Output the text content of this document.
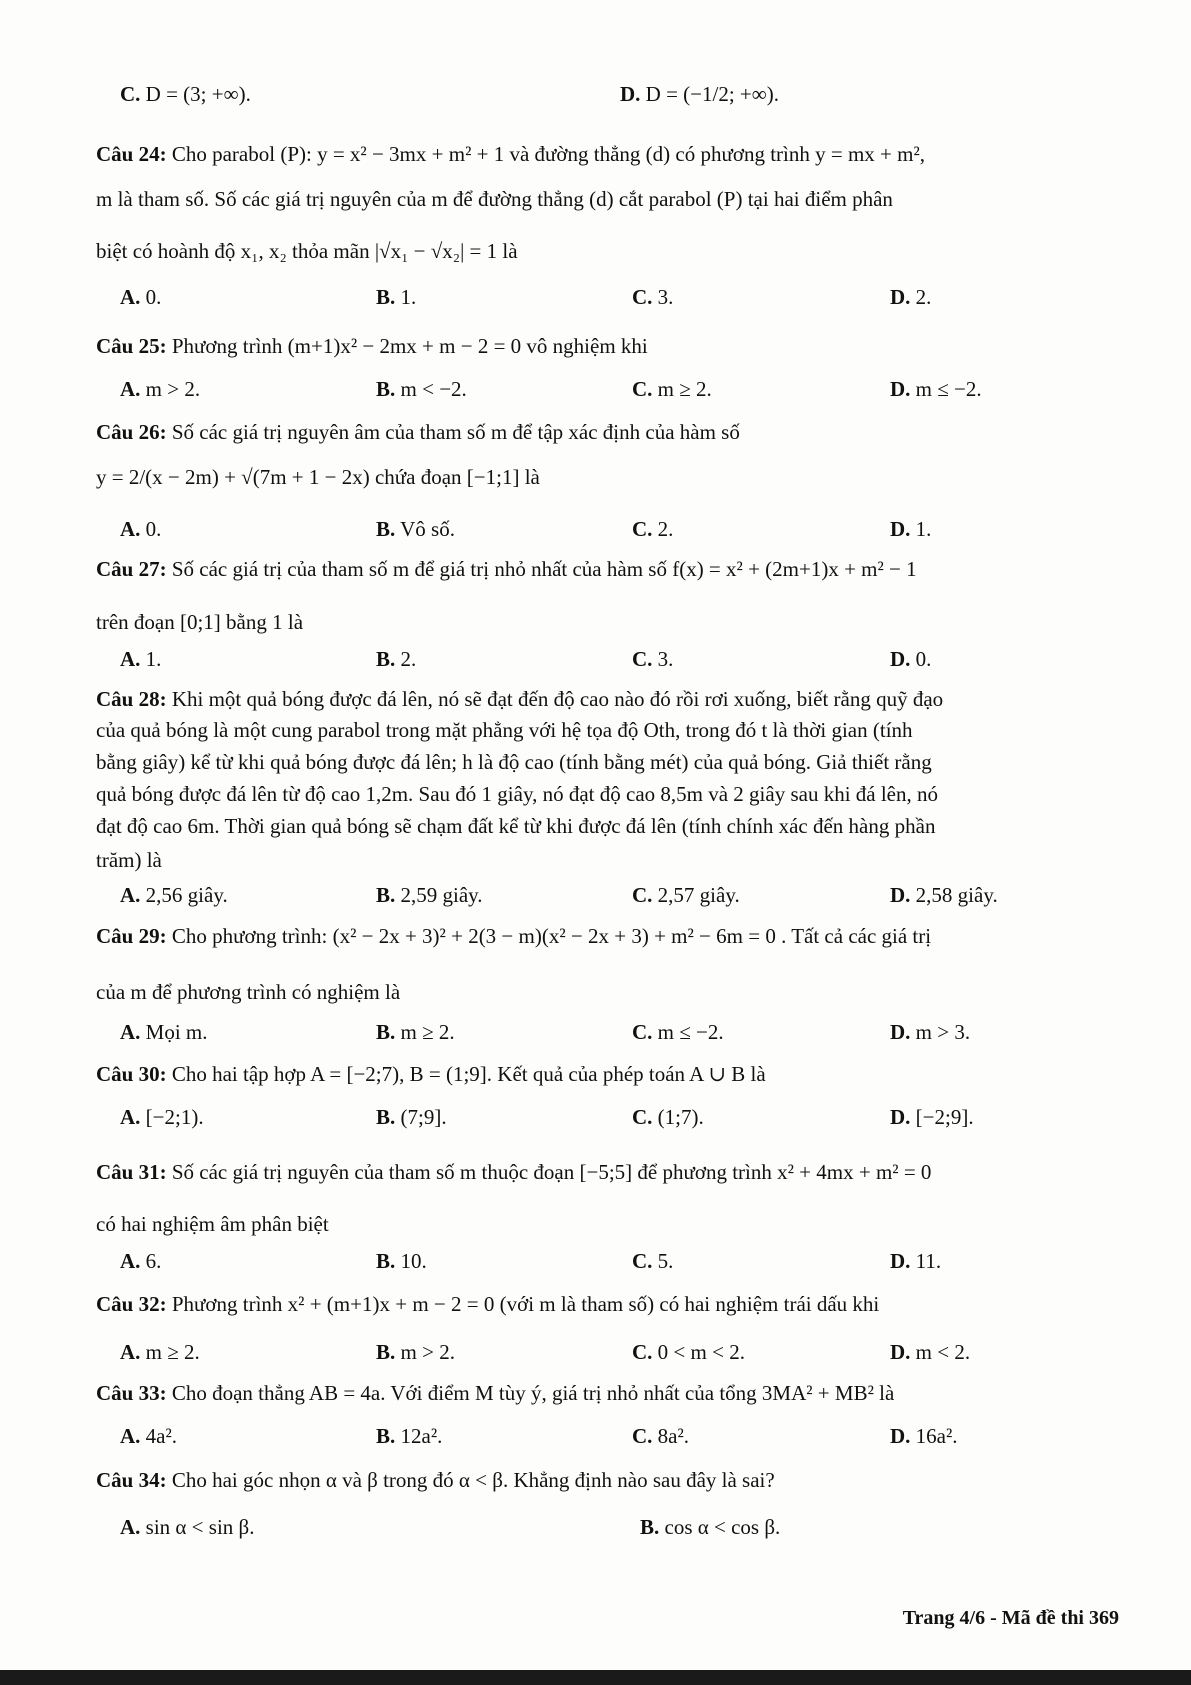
C. D = (3; +∞).	D. D = (−1/2; +∞).
Câu 24: Cho parabol (P): y = x² − 3mx + m² + 1 và đường thẳng (d) có phương trình y = mx + m²,
m là tham số. Số các giá trị nguyên của m để đường thẳng (d) cắt parabol (P) tại hai điểm phân
biệt có hoành độ x₁, x₂ thỏa mãn |√x₁ − √x₂| = 1 là
A. 0.	B. 1.	C. 3.	D. 2.
Câu 25: Phương trình (m+1)x² − 2mx + m − 2 = 0 vô nghiệm khi
A. m > 2.	B. m < −2.	C. m ≥ 2.	D. m ≤ −2.
Câu 26: Số các giá trị nguyên âm của tham số m để tập xác định của hàm số
y = 2/(x − 2m) + √(7m + 1 − 2x) chứa đoạn [−1;1] là
A. 0.	B. Vô số.	C. 2.	D. 1.
Câu 27: Số các giá trị của tham số m để giá trị nhỏ nhất của hàm số f(x) = x² + (2m+1)x + m² − 1
trên đoạn [0;1] bằng 1 là
A. 1.	B. 2.	C. 3.	D. 0.
Câu 28: Khi một quả bóng được đá lên, nó sẽ đạt đến độ cao nào đó rồi rơi xuống, biết rằng quỹ đạo
của quả bóng là một cung parabol trong mặt phẳng với hệ tọa độ Oth, trong đó t là thời gian (tính
bằng giây) kể từ khi quả bóng được đá lên; h là độ cao (tính bằng mét) của quả bóng. Giả thiết rằng
quả bóng được đá lên từ độ cao 1,2m. Sau đó 1 giây, nó đạt độ cao 8,5m và 2 giây sau khi đá lên, nó
đạt độ cao 6m. Thời gian quả bóng sẽ chạm đất kể từ khi được đá lên (tính chính xác đến hàng phần
trăm) là
A. 2,56 giây.	B. 2,59 giây.	C. 2,57 giây.	D. 2,58 giây.
Câu 29: Cho phương trình: (x² − 2x + 3)² + 2(3 − m)(x² − 2x + 3) + m² − 6m = 0 . Tất cả các giá trị
của m để phương trình có nghiệm là
A. Mọi m.	B. m ≥ 2.	C. m ≤ −2.	D. m > 3.
Câu 30: Cho hai tập hợp A = [−2;7), B = (1;9]. Kết quả của phép toán A ∪ B là
A. [−2;1).	B. (7;9].	C. (1;7).	D. [−2;9].
Câu 31: Số các giá trị nguyên của tham số m thuộc đoạn [−5;5] để phương trình x² + 4mx + m² = 0
có hai nghiệm âm phân biệt
A. 6.	B. 10.	C. 5.	D. 11.
Câu 32: Phương trình x² + (m+1)x + m − 2 = 0 (với m là tham số) có hai nghiệm trái dấu khi
A. m ≥ 2.	B. m > 2.	C. 0 < m < 2.	D. m < 2.
Câu 33: Cho đoạn thẳng AB = 4a. Với điểm M tùy ý, giá trị nhỏ nhất của tổng 3MA² + MB² là
A. 4a².	B. 12a².	C. 8a².	D. 16a².
Câu 34: Cho hai góc nhọn α và β trong đó α < β. Khẳng định nào sau đây là sai?
A. sin α < sin β.	B. cos α < cos β.
Trang 4/6 - Mã đề thi 369
